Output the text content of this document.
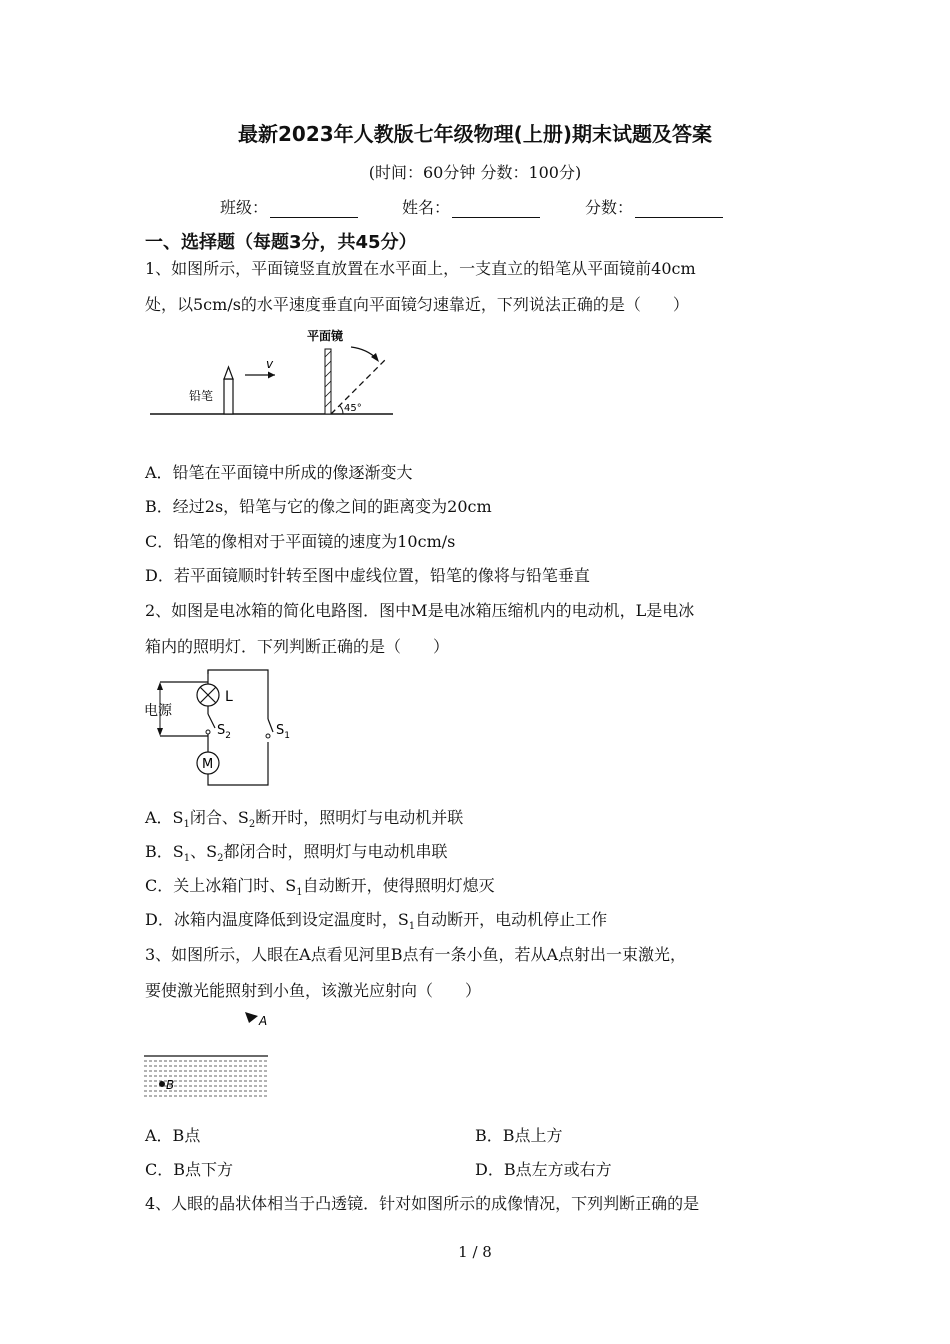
最新2023年人教版七年级物理(上册)期末试题及答案
(时间：60分钟 分数：100分)
班级：	姓名：	分数：
一、选择题（每题3分，共45分）
1、如图所示，平面镜竖直放置在水平面上，一支直立的铅笔从平面镜前40cm
处，以5cm/s的水平速度垂直向平面镜匀速靠近，下列说法正确的是（　　）
铅笔
v
平面镜
45°
A．铅笔在平面镜中所成的像逐渐变大
B．经过2s，铅笔与它的像之间的距离变为20cm
C．铅笔的像相对于平面镜的速度为10cm/s
D．若平面镜顺时针转至图中虚线位置，铅笔的像将与铅笔垂直
2、如图是电冰箱的简化电路图．图中M是电冰箱压缩机内的电动机，L是电冰
箱内的照明灯．下列判断正确的是（　　）
L
$S_2$
M
$S_1$
电源
A．$S_1$闭合、$S_2$断开时，照明灯与电动机并联
B．$S_1$、$S_2$都闭合时，照明灯与电动机串联
C．关上冰箱门时、$S_1$自动断开，使得照明灯熄灭
D．冰箱内温度降低到设定温度时，$S_1$自动断开，电动机停止工作
3、如图所示，人眼在A点看见河里B点有一条小鱼，若从A点射出一束激光，
要使激光能照射到小鱼，该激光应射向（　　）
A
B
A．B点	B．B点上方
C．B点下方	D．B点左方或右方
4、人眼的晶状体相当于凸透镜．针对如图所示的成像情况，下列判断正确的是
1 / 8
